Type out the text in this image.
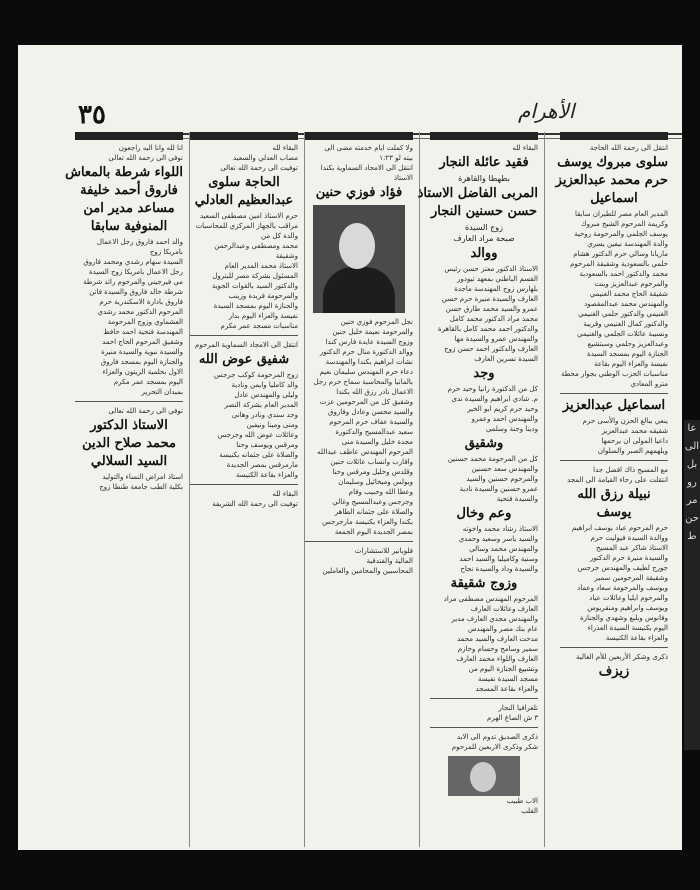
٣٥	الأهرام
انتقل الى رحمة الله الحاجة
سلوى مبروك يوسف
حرم محمد عبدالعزيز
اسماعيل
المدير العام مصر للطيران سابقا
وكريمة المرحوم الشيخ مبروك
يوسف الجلمي والمرحومة روحية
والدة المهندسة نيفين يسري
ماريانا وسالي حرم الدكتور هشام
حلمي بالسعودية وشقيقة المرحوم
محمد والدكتور احمد بالسعودية
والمرحوم عبدالعزيز وبنت
شقيقة الحاج محمد الغنيمي
والمهندس محمد عبدالمقصود
الغنيمي والدكتور حلمي الغنيمي
والدكتور كمال الغنيمي وقريبة
ونسيبة عائلات الجلمي والغنيمي
وعبدالعزيز وحلمي وسبتشيع
الجنازة اليوم بمسجد السيدة
نفيسة والعزاء اليوم بقاعة
مناسبات الحزب الوطني بجوار محطة
مترو المعادي
اسماعيل عبدالعزيز
ينعي ببالغ الحزن والأسى حرم
شقيقه محمد عبدالعزيز
داعيا المولى ان يرحمها
ويلهمهم الصبر والسلوان
مع المسيح ذاك افضل جدا
انتقلت على رجاء القيامة الى المجد
نبيلة رزق الله
يوسف
حرم المرحوم عياد يوسف ابراهيم
ووالدة السيدة فيوليت حرم
الاستاذ شاكر عبد المسيح
والسيدة منيرة حرم الدكتور
جورج لطيف والمهندس جرجس
وشقيقة المرحومين سمير
ويوسف والمرحومة سعاد وعماد
والمرحوم ايليا وعائلات عياد
ويوسف وابراهيم ومنقريوس
وفانوس وبلبع وشهدي والجنازة
اليوم بكنيسة السيدة العذراء
والعزاء بقاعة الكنيسة
ذكرى وشكر الأربعين للأم الغالية
زيزف
البقاء لله
فقيد عائلة النجار
بطهطا والقاهرة
المربى الفاضل الاستاذ
حسن حسنين النجار
زوج السيدة
صبحة مراد العارف
ووالد
الاستاذ الدكتور معتز حسن رئيس
القسم الباطني بمعهد تيودور
بلهارس زوج المهندسة ماجدة
العارف والسيدة منيرة حرم حسن
عمرو والسيد محمد طارق حسن
محمد مراد الدكتور محمد كامل
والدكتور احمد محمد كامل بالقاهرة
والمهندس عمرو والسيدة مها
العارف والدكتور احمد حسن زوج
السيدة نسرين العارف
وجد
كل من الدكتورة رانيا وحيد حرم
م. شادي ابراهيم والسيدة ندى
وحيد حرم كريم ابو الخير
والمهندس احمد وعمرو
ودينا وجنة وسلمى
وشقيق
كل من المرحومة محمد حسنين
والمهندس سعد حسنين
والمرحوم حسنين والسيد
عمرو حسنين والسيدة نادية
والسيدة فتحية
وعم وخال
الاستاذ رشاد محمد واخوته
والسيد ياسر وسعيد وحمدي
والمهندس محمد وسالي
وسنية وكاميليا والسيد احمد
والسيدة وداد والسيدة نجاح
وزوج شقيقة
المرحوم المهندس مصطفى مراد
العارف وعائلات العارف
والمهندس مجدي العارف مدير
عام بنك مصر والمهندس
مدحت العارف والسيد محمد
سمير وسامح وحسام وحازم
العارف واللواء محمد العارف
وتشييع الجنازة اليوم من
مسجد السيدة نفيسة
والعزاء بقاعة المسجد
تلغرافيا النجار
٣ ش الصاغ الهرم
ذكرى الصديق تدوم الى الابد
شكر وذكرى الاربعين للمرحوم
الاب طبيب
القلب
ولا كملت ايام خدمته مضى الى
بيته لو ١:٢٣
انتقل الى الامجاد السماوية بكندا
الاستاذ
فؤاد فوزي حنين
نجل المرحوم فوزي حنين
والمرحومة نعيمة خليل حنين
وزوج السيدة عايدة فارس كندا
ووالد الدكتورة منال حرم الدكتور
نشأت ابراهيم بكندا والمهندسة
دعاء حرم المهندس سليمان نعيم
بالمانيا والمحاسبة سماح حرم رجل
الاعمال نادر رزق الله بكندا
وشقيق كل من المرحومين عزت
والسيد محسن وعادل وفاروق
والسيدة عفاف حرم المرحوم
سعيد عبدالمسيح والدكتورة
مجدة خليل والسيدة منى
المرحوم المهندس عاطف عبدالله
واقارب وانساب عائلات حنين
وقلدس وخليل ومرقس وحنا
وبولس وميخائيل وسليمان
وعطا الله وحبيب وفام
وجرجس وعبدالمسيح وغالي
والصلاة على جثمانه الطاهر
بكندا والعزاء بكنيسة مارجرجس
بمصر الجديدة اليوم الجمعة
فلوبانير للاستشارات
المالية والفندقية
المحاسبين والمحامين والعاملين
البقاء لله
مصاب العدلي والسعيد
توفيت الى رحمة الله تعالى
الحاجة سلوى
عبدالعظيم العادلي
حرم الاستاذ امين مصطفى السعيد
مراقب بالجهاز المركزي للمحاسبات
والدة كل من
محمد ومصطفى وعبدالرحمن
وشقيقة
الاستاذ محمد المدير العام
المسئول بشركة مصر للبترول
والدكتور السيد بالقوات الجوية
والمرحومة فريدة وزينب
والجنازة اليوم بمسجد السيدة
نفيسة والعزاء اليوم بدار
مناسبات مسجد عمر مكرم
انتقل الى الامجاد السماوية المرحوم
شفيق عوض الله
زوج المرحومة كوكب جرجس
والد كامليا وايمن ونادية
وليلى والمهندس عادل
المدير العام بشركة النصر
وجد سندي ونادر وهاني
ومنى ومينا ونيفين
وعائلات عوض الله وجرجس
ومرقس ويوسف وحنا
والصلاة على جثمانه بكنيسة
مارمرقس بمصر الجديدة
والعزاء بقاعة الكنيسة
البقاء لله
توفيت الى رحمة الله الشريفة
انا لله وانا اليه راجعون
توفى الى رحمة الله تعالى
اللواء شرطة بالمعاش
فاروق أحمد خليفة
مساعد مدير امن
المنوفية سابقا
والد احمد فاروق رجل الاعمال
بامريكا زوج
السيدة سهام رشدي ومحمد فاروق
رجل الاعمال بامريكا زوج السيدة
مي فيرجيني والمرحوم رائد شرطة
شرطة خالد فاروق والسيدة فاتن
فاروق بادارة الاسكندرية حرم
المرحوم الدكتور محمد رشدي
العشماوي وزوج المرحومة
المهندسة فتحية احمد حافظ
وشقيق المرحوم الحاج احمد
والسيدة نبوية والسيدة منيرة
والجنازة اليوم بمسجد فاروق
الاول بحلمية الزيتون والعزاء
اليوم بمسجد عمر مكرم
بميدان التحرير
توفي الى رحمة الله تعالى
الاستاذ الدكتور
محمد صلاح الدين
السيد السلالي
استاذ امراض النساء والتوليد
بكلية الطب جامعة طنطا زوج
عا
الى
بل
رو
مر
حن
ط
